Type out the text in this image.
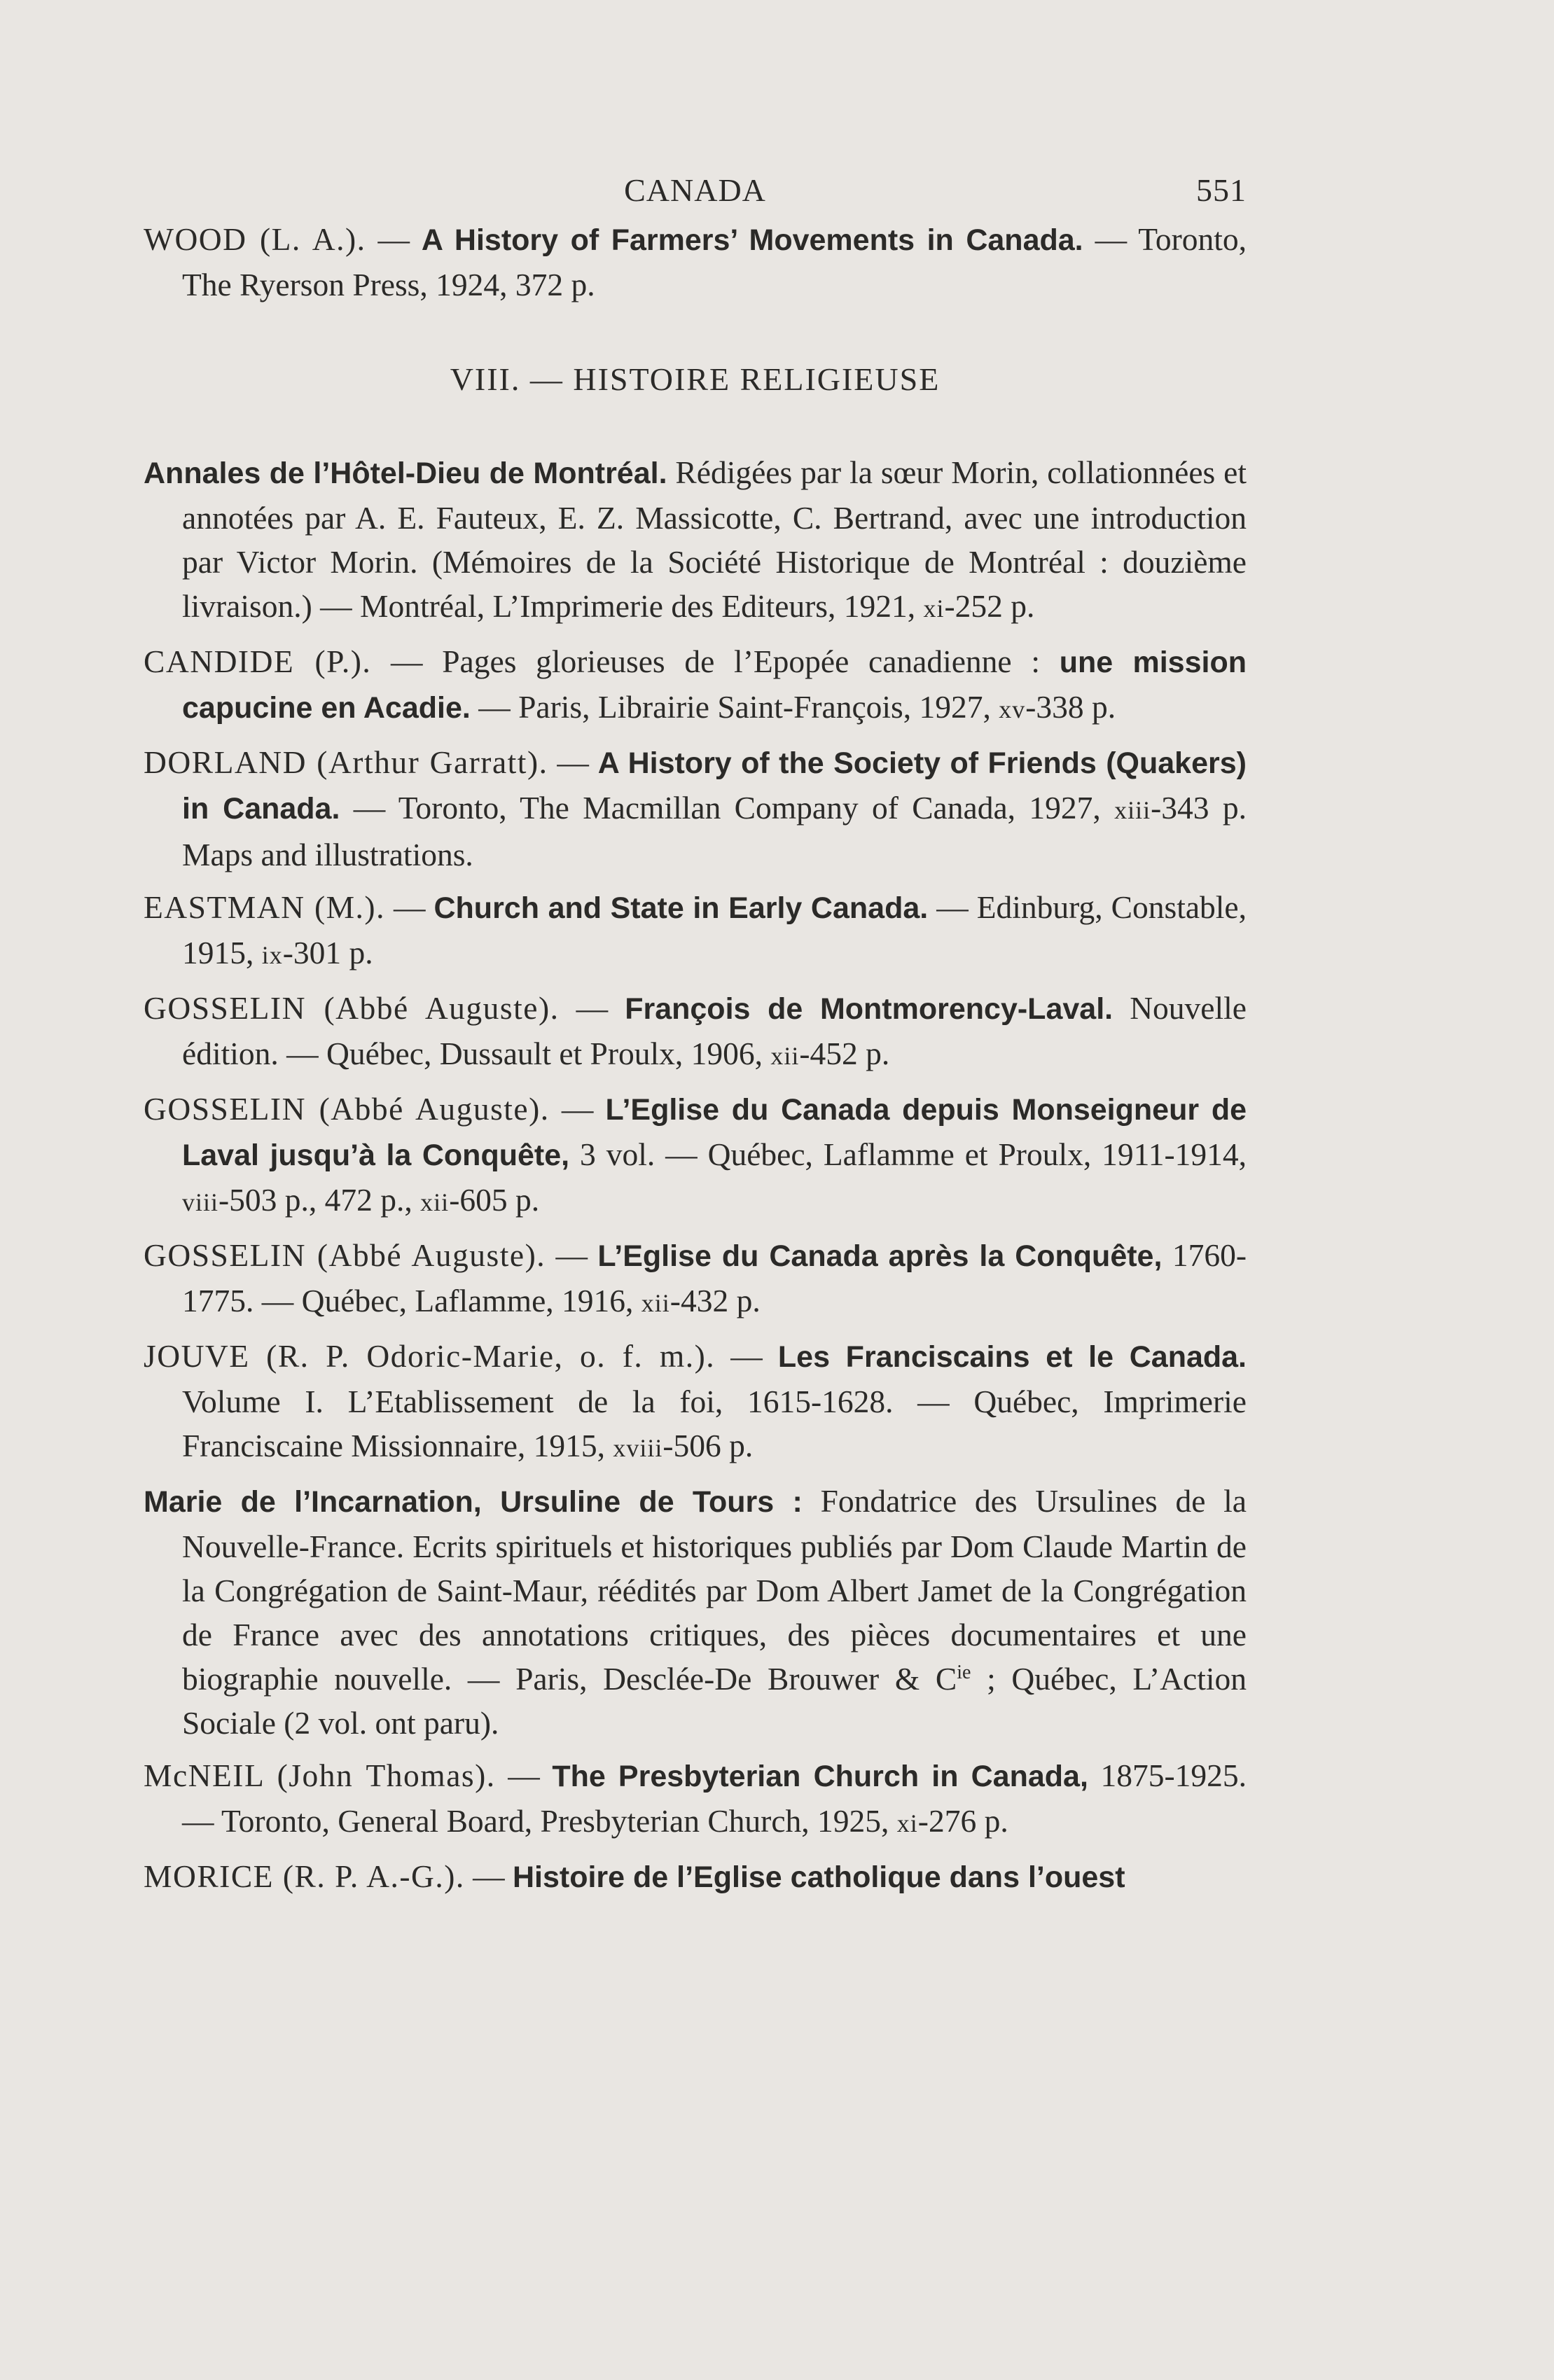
CANADA	551

WOOD (L. A.). — A History of Farmers’ Movements in Canada. — Toronto, The Ryerson Press, 1924, 372 p.

VIII. — HISTOIRE RELIGIEUSE

Annales de l’Hôtel-Dieu de Montréal. Rédigées par la sœur Morin, collationnées et annotées par A. E. Fauteux, E. Z. Massicotte, C. Bertrand, avec une introduction par Victor Morin. (Mémoires de la Société Historique de Montréal : douzième livraison.) — Montréal, L’Imprimerie des Editeurs, 1921, xi-252 p.

CANDIDE (P.). — Pages glorieuses de l’Epopée canadienne : une mission capucine en Acadie. — Paris, Librairie Saint-François, 1927, xv-338 p.

DORLAND (Arthur Garratt). — A History of the Society of Friends (Quakers) in Canada. — Toronto, The Macmillan Company of Canada, 1927, xiii-343 p. Maps and illustrations.

EASTMAN (M.). — Church and State in Early Canada. — Edinburg, Constable, 1915, ix-301 p.

GOSSELIN (Abbé Auguste). — François de Montmorency-Laval. Nouvelle édition. — Québec, Dussault et Proulx, 1906, xii-452 p.

GOSSELIN (Abbé Auguste). — L’Eglise du Canada depuis Monseigneur de Laval jusqu’à la Conquête, 3 vol. — Québec, Laflamme et Proulx, 1911-1914, viii-503 p., 472 p., xii-605 p.

GOSSELIN (Abbé Auguste). — L’Eglise du Canada après la Conquête, 1760-1775. — Québec, Laflamme, 1916, xii-432 p.

JOUVE (R. P. Odoric-Marie, o. f. m.). — Les Franciscains et le Canada. Volume I. L’Etablissement de la foi, 1615-1628. — Québec, Imprimerie Franciscaine Missionnaire, 1915, xviii-506 p.

Marie de l’Incarnation, Ursuline de Tours : Fondatrice des Ursulines de la Nouvelle-France. Ecrits spirituels et historiques publiés par Dom Claude Martin de la Congrégation de Saint-Maur, réédités par Dom Albert Jamet de la Congrégation de France avec des annotations critiques, des pièces documentaires et une biographie nouvelle. — Paris, Desclée-De Brouwer & $C^{ie}$ ; Québec, L’Action Sociale (2 vol. ont paru).

McNEIL (John Thomas). — The Presbyterian Church in Canada, 1875-1925. — Toronto, General Board, Presbyterian Church, 1925, xi-276 p.

MORICE (R. P. A.-G.). — Histoire de l’Eglise catholique dans l’ouest
